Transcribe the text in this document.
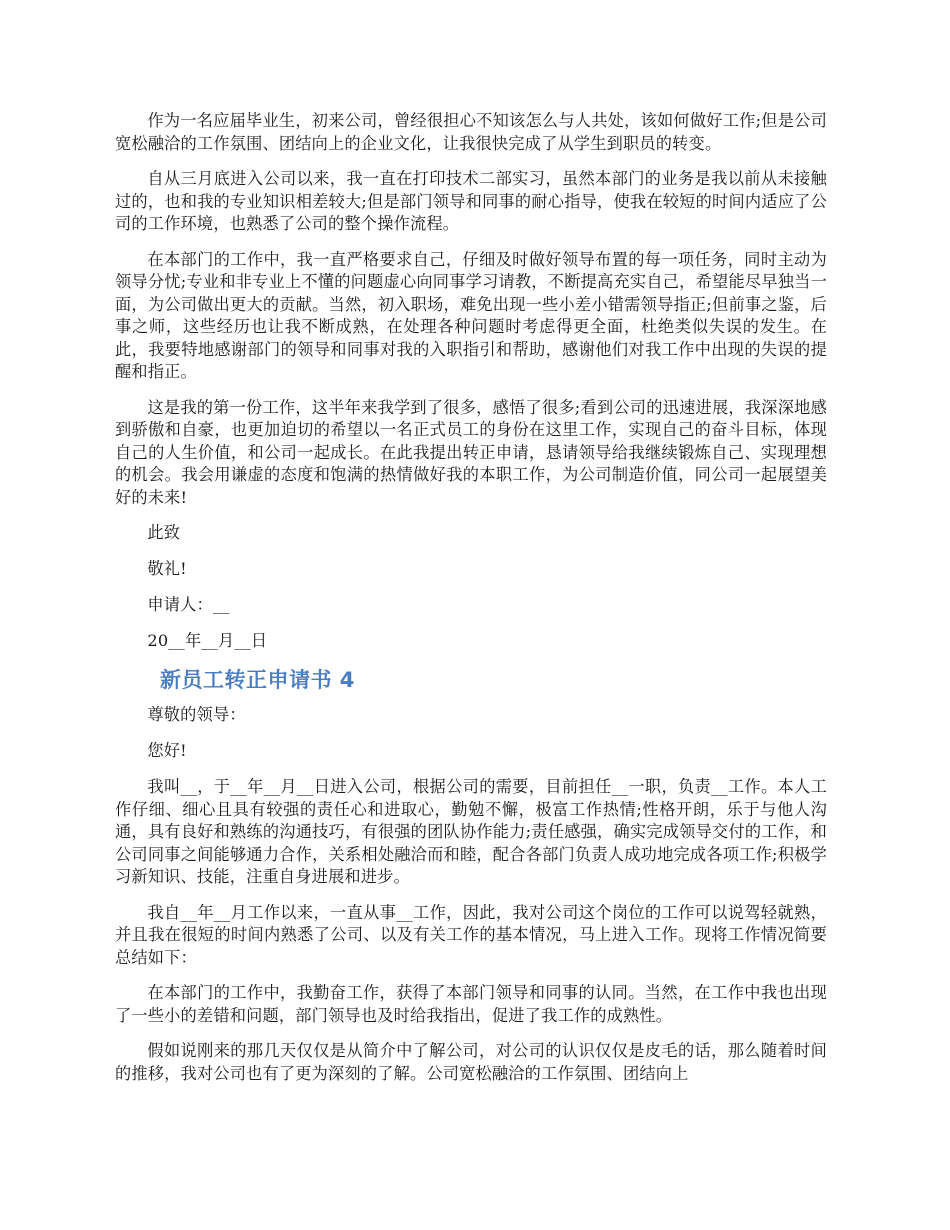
作为一名应届毕业生，初来公司，曾经很担心不知该怎么与人共处，该如何做好工作;但是公司宽松融洽的工作氛围、团结向上的企业文化，让我很快完成了从学生到职员的转变。

自从三月底进入公司以来，我一直在打印技术二部实习，虽然本部门的业务是我以前从未接触过的，也和我的专业知识相差较大;但是部门领导和同事的耐心指导，使我在较短的时间内适应了公司的工作环境，也熟悉了公司的整个操作流程。

在本部门的工作中，我一直严格要求自己，仔细及时做好领导布置的每一项任务，同时主动为领导分忧;专业和非专业上不懂的问题虚心向同事学习请教，不断提高充实自己，希望能尽早独当一面，为公司做出更大的贡献。当然，初入职场，难免出现一些小差小错需领导指正;但前事之鉴，后事之师，这些经历也让我不断成熟，在处理各种问题时考虑得更全面，杜绝类似失误的发生。在此，我要特地感谢部门的领导和同事对我的入职指引和帮助，感谢他们对我工作中出现的失误的提醒和指正。

这是我的第一份工作，这半年来我学到了很多，感悟了很多;看到公司的迅速进展，我深深地感到骄傲和自豪，也更加迫切的希望以一名正式员工的身份在这里工作，实现自己的奋斗目标，体现自己的人生价值，和公司一起成长。在此我提出转正申请，恳请领导给我继续锻炼自己、实现理想的机会。我会用谦虚的态度和饱满的热情做好我的本职工作，为公司制造价值，同公司一起展望美好的未来!

此致

敬礼!

申请人：__

20__年__月__日

新员工转正申请书 4

尊敬的领导：

您好!

我叫__，于__年__月__日进入公司，根据公司的需要，目前担任__一职，负责__工作。本人工作仔细、细心且具有较强的责任心和进取心，勤勉不懈，极富工作热情;性格开朗，乐于与他人沟通，具有良好和熟练的沟通技巧，有很强的团队协作能力;责任感强，确实完成领导交付的工作，和公司同事之间能够通力合作，关系相处融洽而和睦，配合各部门负责人成功地完成各项工作;积极学习新知识、技能，注重自身进展和进步。

我自__年__月工作以来，一直从事__工作，因此，我对公司这个岗位的工作可以说驾轻就熟，并且我在很短的时间内熟悉了公司、以及有关工作的基本情况，马上进入工作。现将工作情况简要总结如下：

在本部门的工作中，我勤奋工作，获得了本部门领导和同事的认同。当然，在工作中我也出现了一些小的差错和问题，部门领导也及时给我指出，促进了我工作的成熟性。

假如说刚来的那几天仅仅是从简介中了解公司，对公司的认识仅仅是皮毛的话，那么随着时间的推移，我对公司也有了更为深刻的了解。公司宽松融洽的工作氛围、团结向上
